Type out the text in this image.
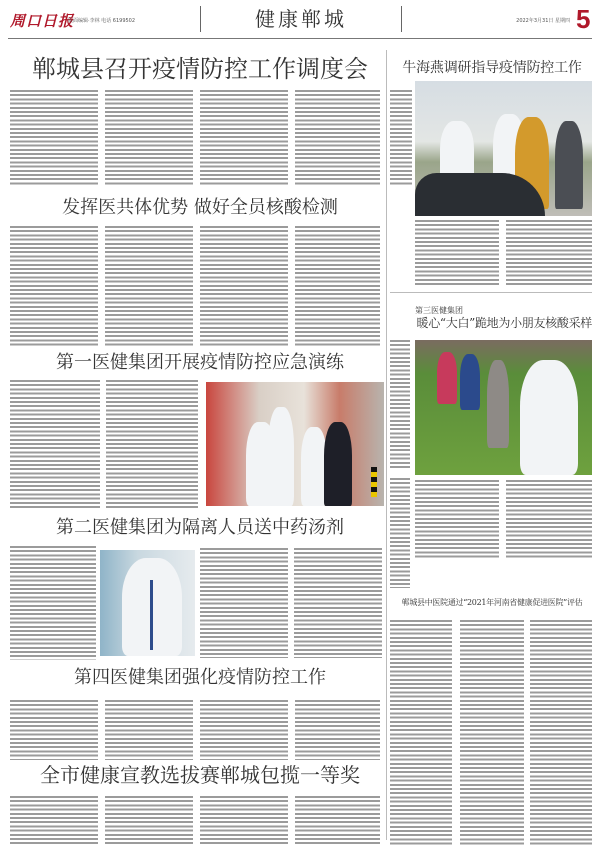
周口日报
版面编辑·李林 电话 6199502	健康郸城	2022年3月31日 星期四 5
郸城县召开疫情防控工作调度会
发挥医共体优势 做好全员核酸检测
第一医健集团开展疫情防控应急演练
第二医健集团为隔离人员送中药汤剂
第四医健集团强化疫情防控工作
全市健康宣教选拔赛郸城包揽一等奖
牛海燕调研指导疫情防控工作
第三医健集团
暖心“大白”跪地为小朋友核酸采样
郸城县中医院通过“2021年河南省健康促进医院”评估
